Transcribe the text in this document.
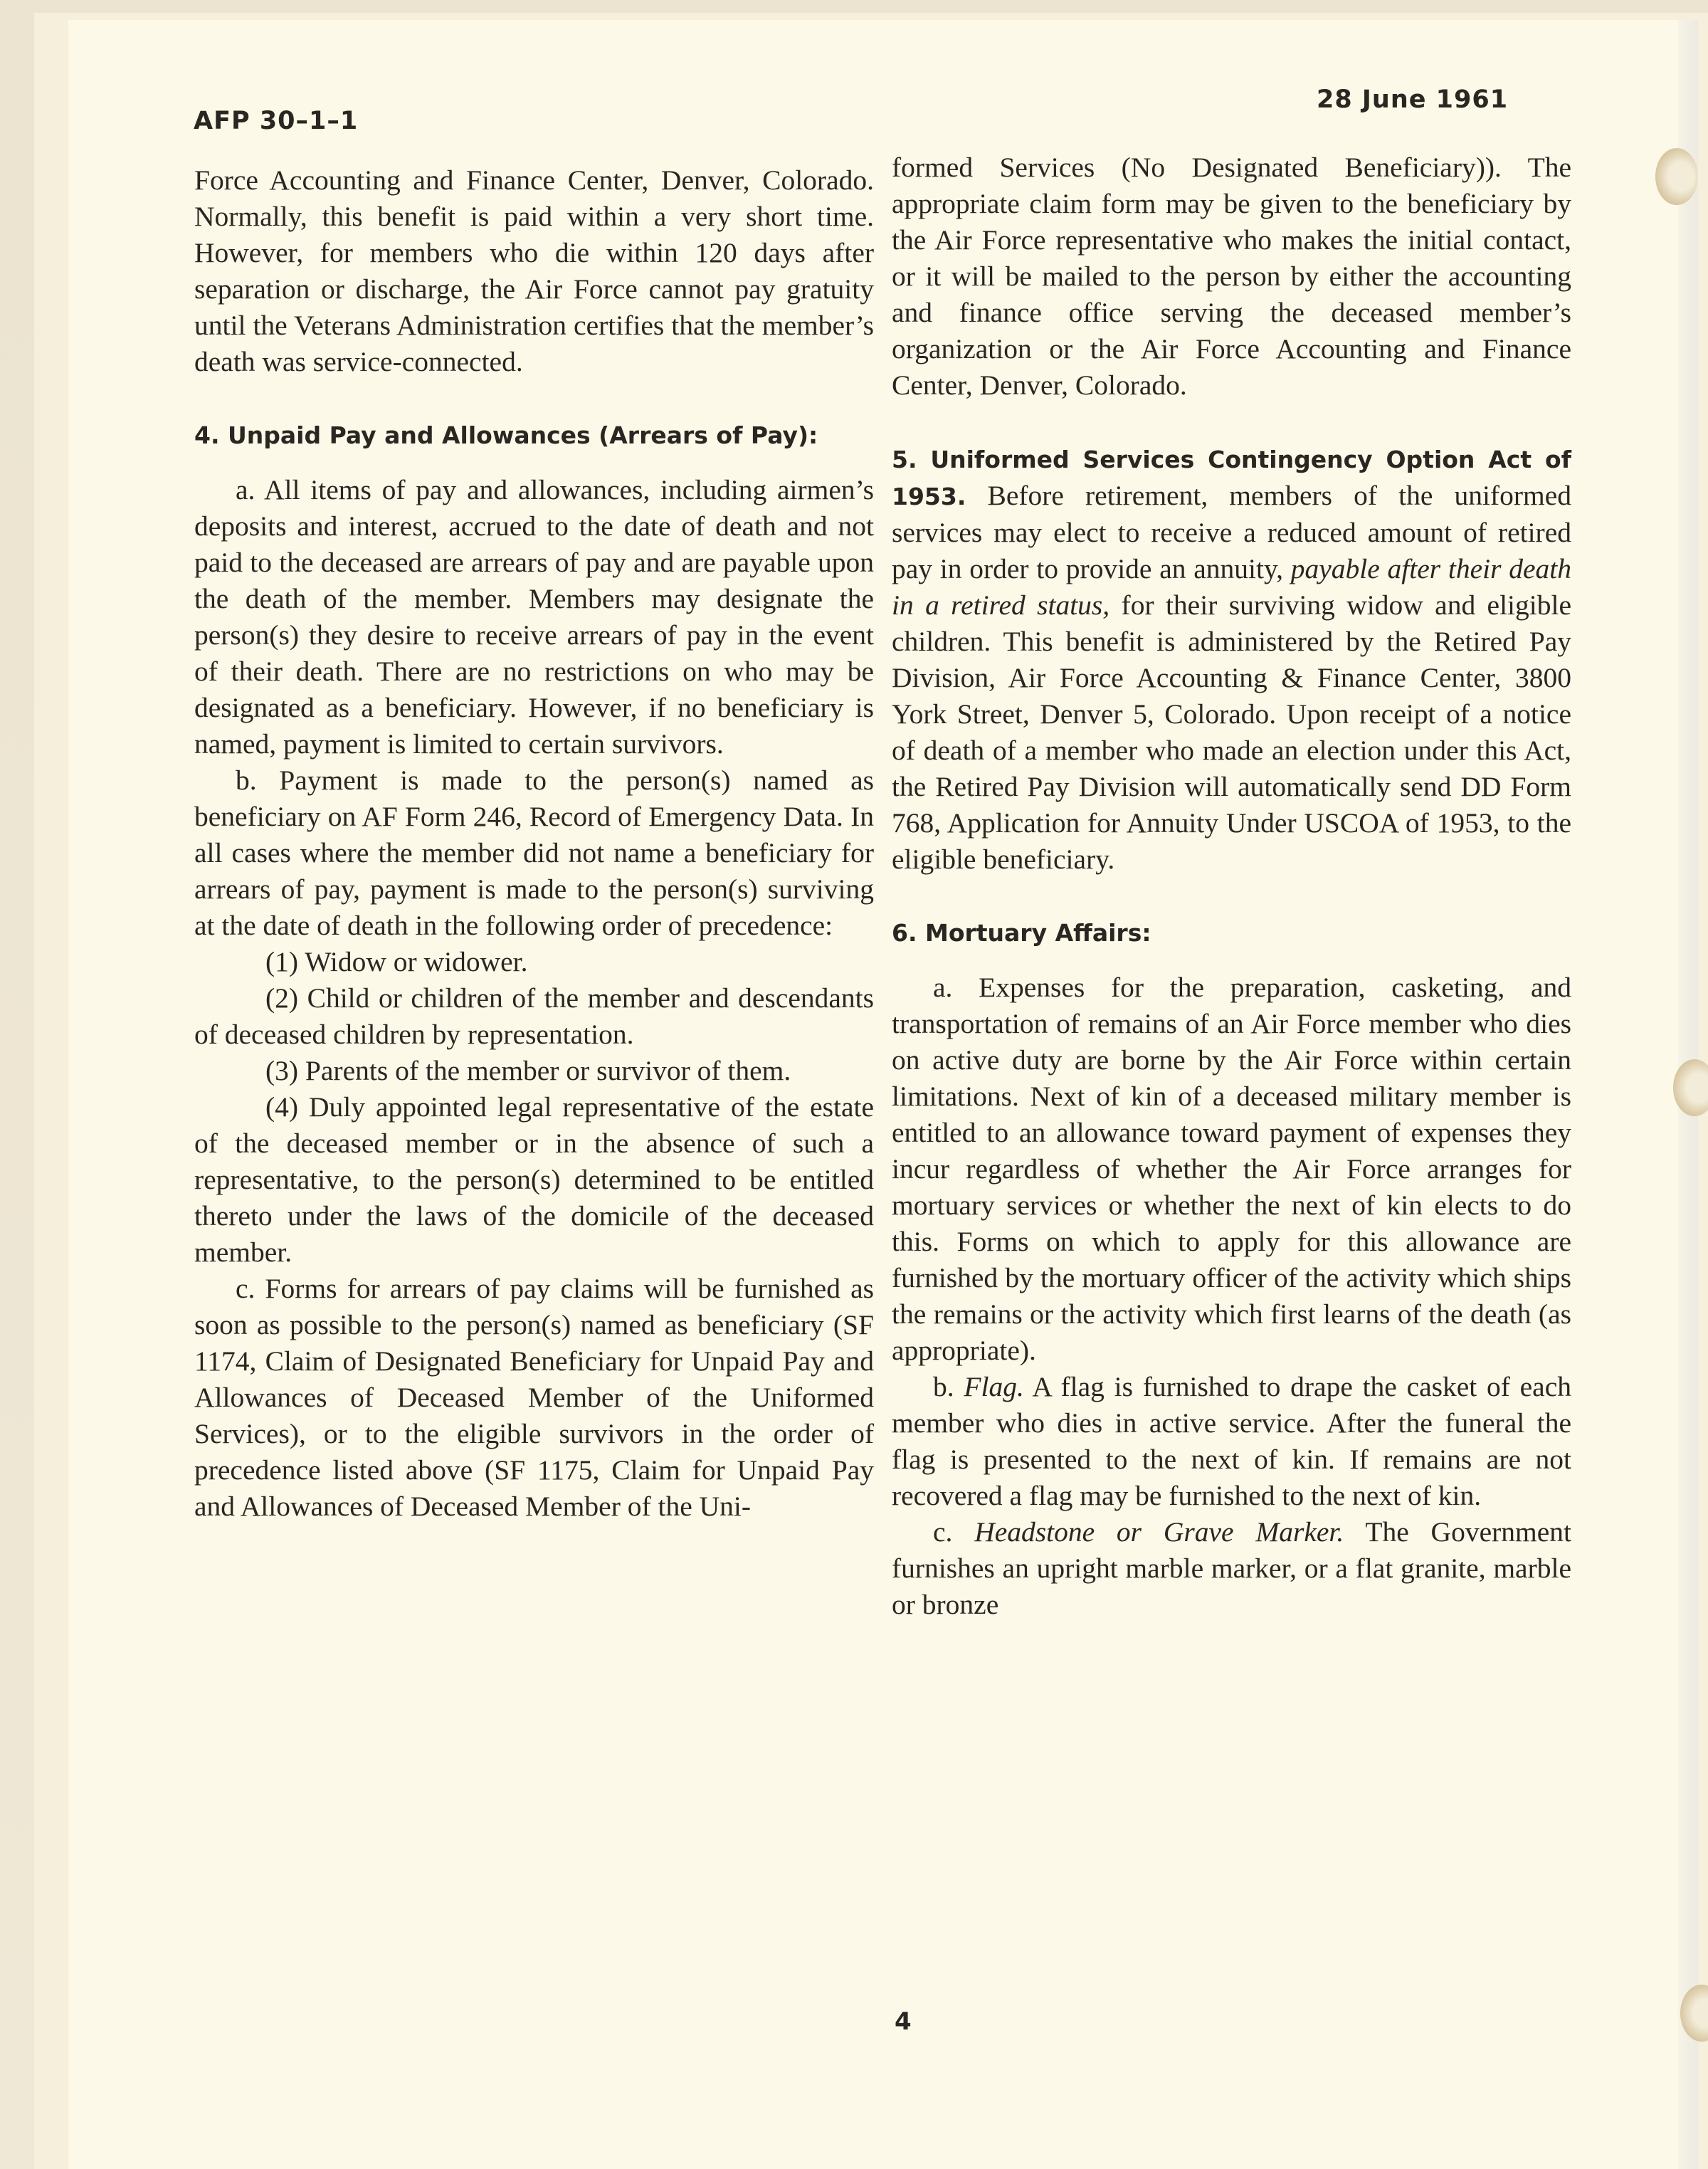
AFP 30–1–1
28 June 1961

Force Accounting and Finance Center, Denver, Colorado. Normally, this benefit is paid within a very short time. However, for members who die within 120 days after separation or discharge, the Air Force cannot pay gratuity until the Veterans Administration certifies that the member’s death was service-connected.

4. Unpaid Pay and Allowances (Arrears of Pay):

a. All items of pay and allowances, including airmen’s deposits and interest, accrued to the date of death and not paid to the deceased are arrears of pay and are payable upon the death of the member. Members may designate the person(s) they desire to receive arrears of pay in the event of their death. There are no restrictions on who may be designated as a beneficiary. However, if no beneficiary is named, payment is limited to certain survivors.

b. Payment is made to the person(s) named as beneficiary on AF Form 246, Record of Emergency Data. In all cases where the member did not name a beneficiary for arrears of pay, payment is made to the person(s) surviving at the date of death in the following order of precedence:

(1) Widow or widower.

(2) Child or children of the member and descendants of deceased children by representation.

(3) Parents of the member or survivor of them.

(4) Duly appointed legal representative of the estate of the deceased member or in the absence of such a representative, to the person(s) determined to be entitled thereto under the laws of the domicile of the deceased member.

c. Forms for arrears of pay claims will be furnished as soon as possible to the person(s) named as beneficiary (SF 1174, Claim of Designated Beneficiary for Unpaid Pay and Allowances of Deceased Member of the Uniformed Services), or to the eligible survivors in the order of precedence listed above (SF 1175, Claim for Unpaid Pay and Allowances of Deceased Member of the Uni-

formed Services (No Designated Beneficiary)). The appropriate claim form may be given to the beneficiary by the Air Force representative who makes the initial contact, or it will be mailed to the person by either the accounting and finance office serving the deceased member’s organization or the Air Force Accounting and Finance Center, Denver, Colorado.

5. Uniformed Services Contingency Option Act of 1953. Before retirement, members of the uniformed services may elect to receive a reduced amount of retired pay in order to provide an annuity, payable after their death in a retired status, for their surviving widow and eligible children. This benefit is administered by the Retired Pay Division, Air Force Accounting & Finance Center, 3800 York Street, Denver 5, Colorado. Upon receipt of a notice of death of a member who made an election under this Act, the Retired Pay Division will automatically send DD Form 768, Application for Annuity Under USCOA of 1953, to the eligible beneficiary.

6. Mortuary Affairs:

a. Expenses for the preparation, casketing, and transportation of remains of an Air Force member who dies on active duty are borne by the Air Force within certain limitations. Next of kin of a deceased military member is entitled to an allowance toward payment of expenses they incur regardless of whether the Air Force arranges for mortuary services or whether the next of kin elects to do this. Forms on which to apply for this allowance are furnished by the mortuary officer of the activity which ships the remains or the activity which first learns of the death (as appropriate).

b. Flag. A flag is furnished to drape the casket of each member who dies in active service. After the funeral the flag is presented to the next of kin. If remains are not recovered a flag may be furnished to the next of kin.

c. Headstone or Grave Marker. The Government furnishes an upright marble marker, or a flat granite, marble or bronze

4
